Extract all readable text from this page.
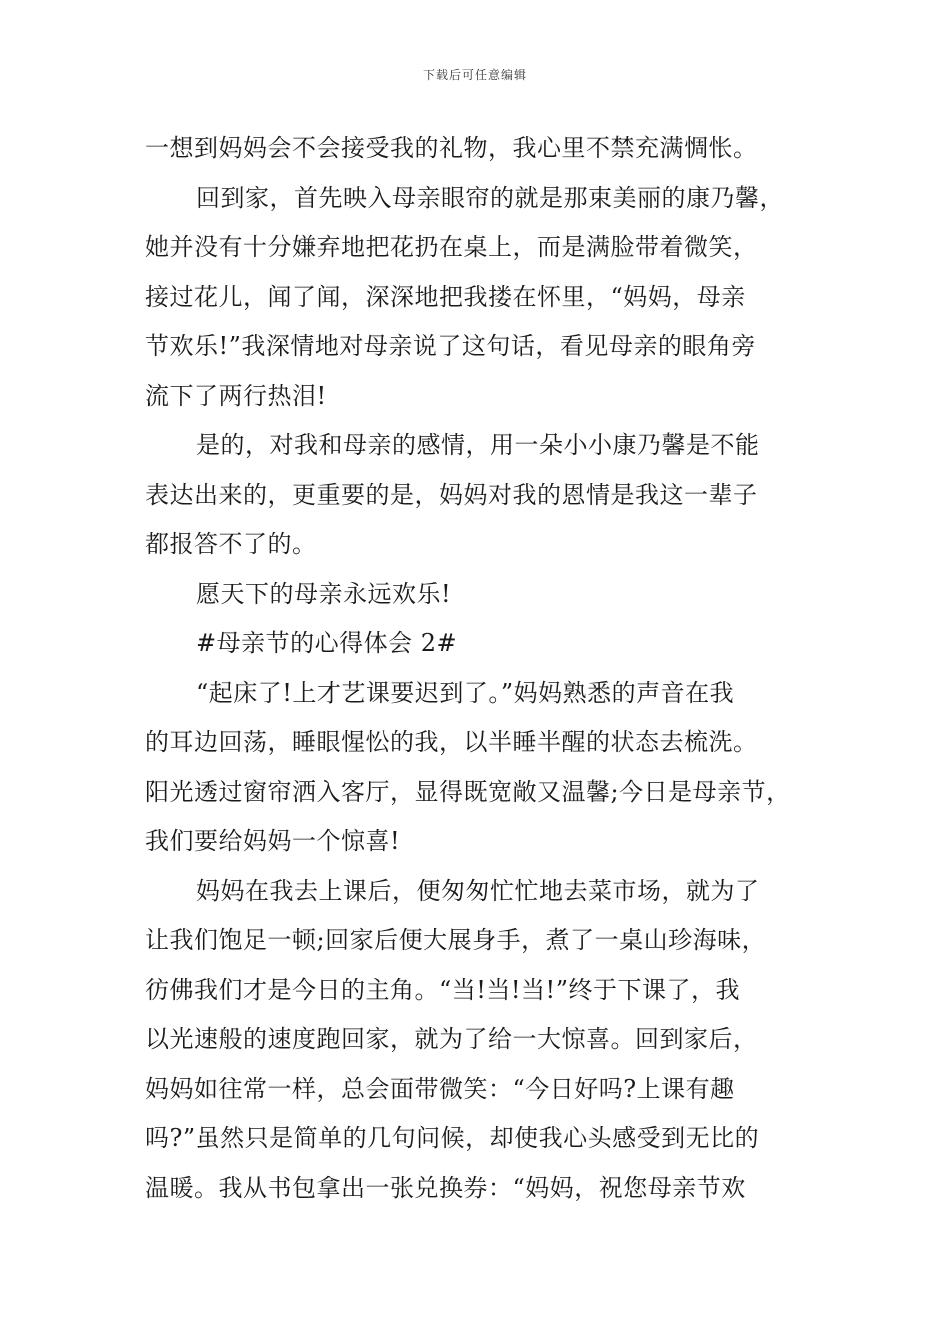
下载后可任意编辑
一想到妈妈会不会接受我的礼物，我心里不禁充满惆怅。
回到家，首先映入母亲眼帘的就是那束美丽的康乃馨，
她并没有十分嫌弃地把花扔在桌上，而是满脸带着微笑，
接过花儿，闻了闻，深深地把我搂在怀里，“妈妈，母亲
节欢乐!”我深情地对母亲说了这句话，看见母亲的眼角旁
流下了两行热泪!
是的，对我和母亲的感情，用一朵小小康乃馨是不能
表达出来的，更重要的是，妈妈对我的恩情是我这一辈子
都报答不了的。
愿天下的母亲永远欢乐!
#母亲节的心得体会 2#
“起床了!上才艺课要迟到了。”妈妈熟悉的声音在我
的耳边回荡，睡眼惺忪的我，以半睡半醒的状态去梳洗。
阳光透过窗帘洒入客厅，显得既宽敞又温馨;今日是母亲节，
我们要给妈妈一个惊喜!
妈妈在我去上课后，便匆匆忙忙地去菜市场，就为了
让我们饱足一顿;回家后便大展身手，煮了一桌山珍海味，
彷佛我们才是今日的主角。“当!当!当!”终于下课了，我
以光速般的速度跑回家，就为了给一大惊喜。回到家后，
妈妈如往常一样，总会面带微笑：“今日好吗?上课有趣
吗?”虽然只是简单的几句问候，却使我心头感受到无比的
温暖。我从书包拿出一张兑换券：“妈妈，祝您母亲节欢
